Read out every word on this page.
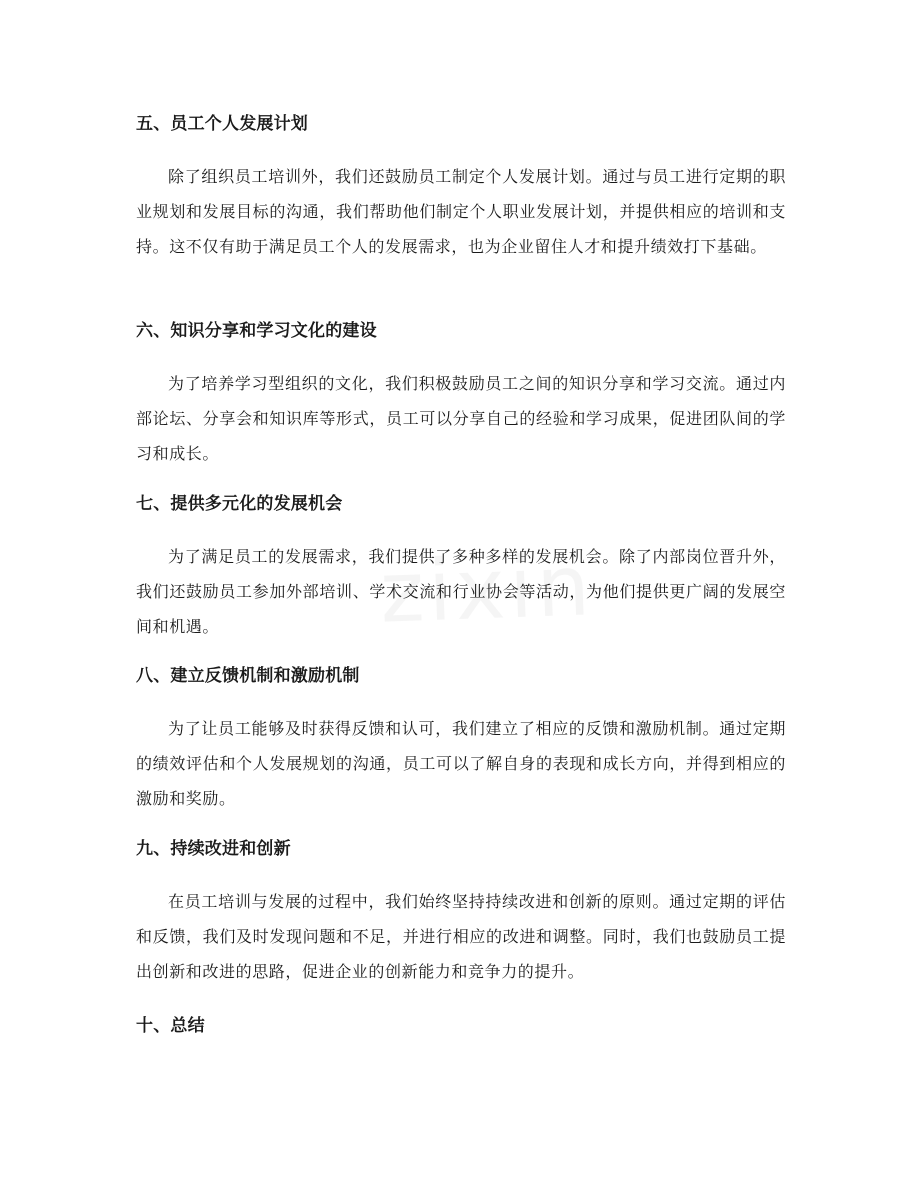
五、员工个人发展计划

除了组织员工培训外，我们还鼓励员工制定个人发展计划。通过与员工进行定期的职业规划和发展目标的沟通，我们帮助他们制定个人职业发展计划，并提供相应的培训和支持。这不仅有助于满足员工个人的发展需求，也为企业留住人才和提升绩效打下基础。

六、知识分享和学习文化的建设

为了培养学习型组织的文化，我们积极鼓励员工之间的知识分享和学习交流。通过内部论坛、分享会和知识库等形式，员工可以分享自己的经验和学习成果，促进团队间的学习和成长。

七、提供多元化的发展机会

为了满足员工的发展需求，我们提供了多种多样的发展机会。除了内部岗位晋升外，我们还鼓励员工参加外部培训、学术交流和行业协会等活动，为他们提供更广阔的发展空间和机遇。

八、建立反馈机制和激励机制

为了让员工能够及时获得反馈和认可，我们建立了相应的反馈和激励机制。通过定期的绩效评估和个人发展规划的沟通，员工可以了解自身的表现和成长方向，并得到相应的激励和奖励。

九、持续改进和创新

在员工培训与发展的过程中，我们始终坚持持续改进和创新的原则。通过定期的评估和反馈，我们及时发现问题和不足，并进行相应的改进和调整。同时，我们也鼓励员工提出创新和改进的思路，促进企业的创新能力和竞争力的提升。

十、总结
